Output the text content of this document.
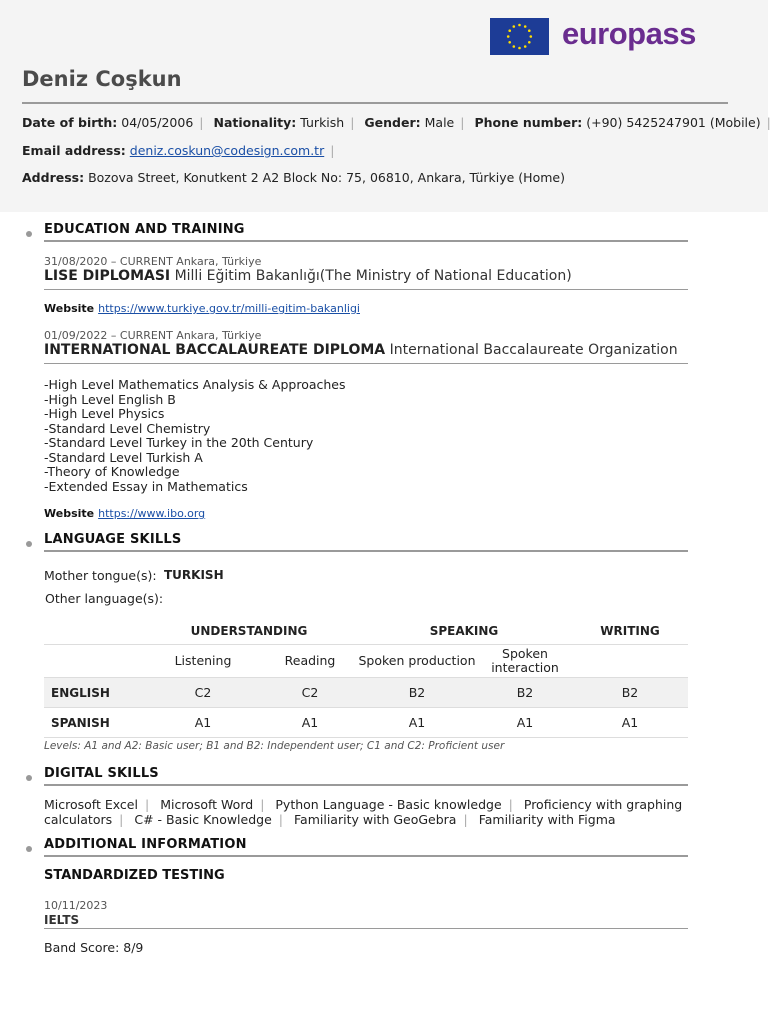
europass
Deniz Coşkun
Date of birth: 04/05/2006 | Nationality: Turkish | Gender: Male | Phone number: (+90) 5425247901 (Mobile) |
Email address: deniz.coskun@codesign.com.tr |
Address: Bozova Street, Konutkent 2 A2 Block No: 75, 06810, Ankara, Türkiye (Home)
EDUCATION AND TRAINING
31/08/2020 – CURRENT Ankara, Türkiye
LISE DIPLOMASI Milli Eğitim Bakanlığı(The Ministry of National Education)
Website https://www.turkiye.gov.tr/milli-egitim-bakanligi
01/09/2022 – CURRENT Ankara, Türkiye
INTERNATIONAL BACCALAUREATE DIPLOMA International Baccalaureate Organization
-High Level Mathematics Analysis & Approaches
-High Level English B
-High Level Physics
-Standard Level Chemistry
-Standard Level Turkey in the 20th Century
-Standard Level Turkish A
-Theory of Knowledge
-Extended Essay in Mathematics
Website https://www.ibo.org
LANGUAGE SKILLS
Mother tongue(s): TURKISH
Other language(s):
	UNDERSTANDING		SPEAKING		WRITING
	Listening	Reading	Spoken production	Spoken interaction	
ENGLISH	C2	C2	B2	B2	B2
SPANISH	A1	A1	A1	A1	A1
Levels: A1 and A2: Basic user; B1 and B2: Independent user; C1 and C2: Proficient user
DIGITAL SKILLS
Microsoft Excel | Microsoft Word | Python Language - Basic knowledge | Proficiency with graphing calculators | C# - Basic Knowledge | Familiarity with GeoGebra | Familiarity with Figma
ADDITIONAL INFORMATION
STANDARDIZED TESTING
10/11/2023
IELTS
Band Score: 8/9
